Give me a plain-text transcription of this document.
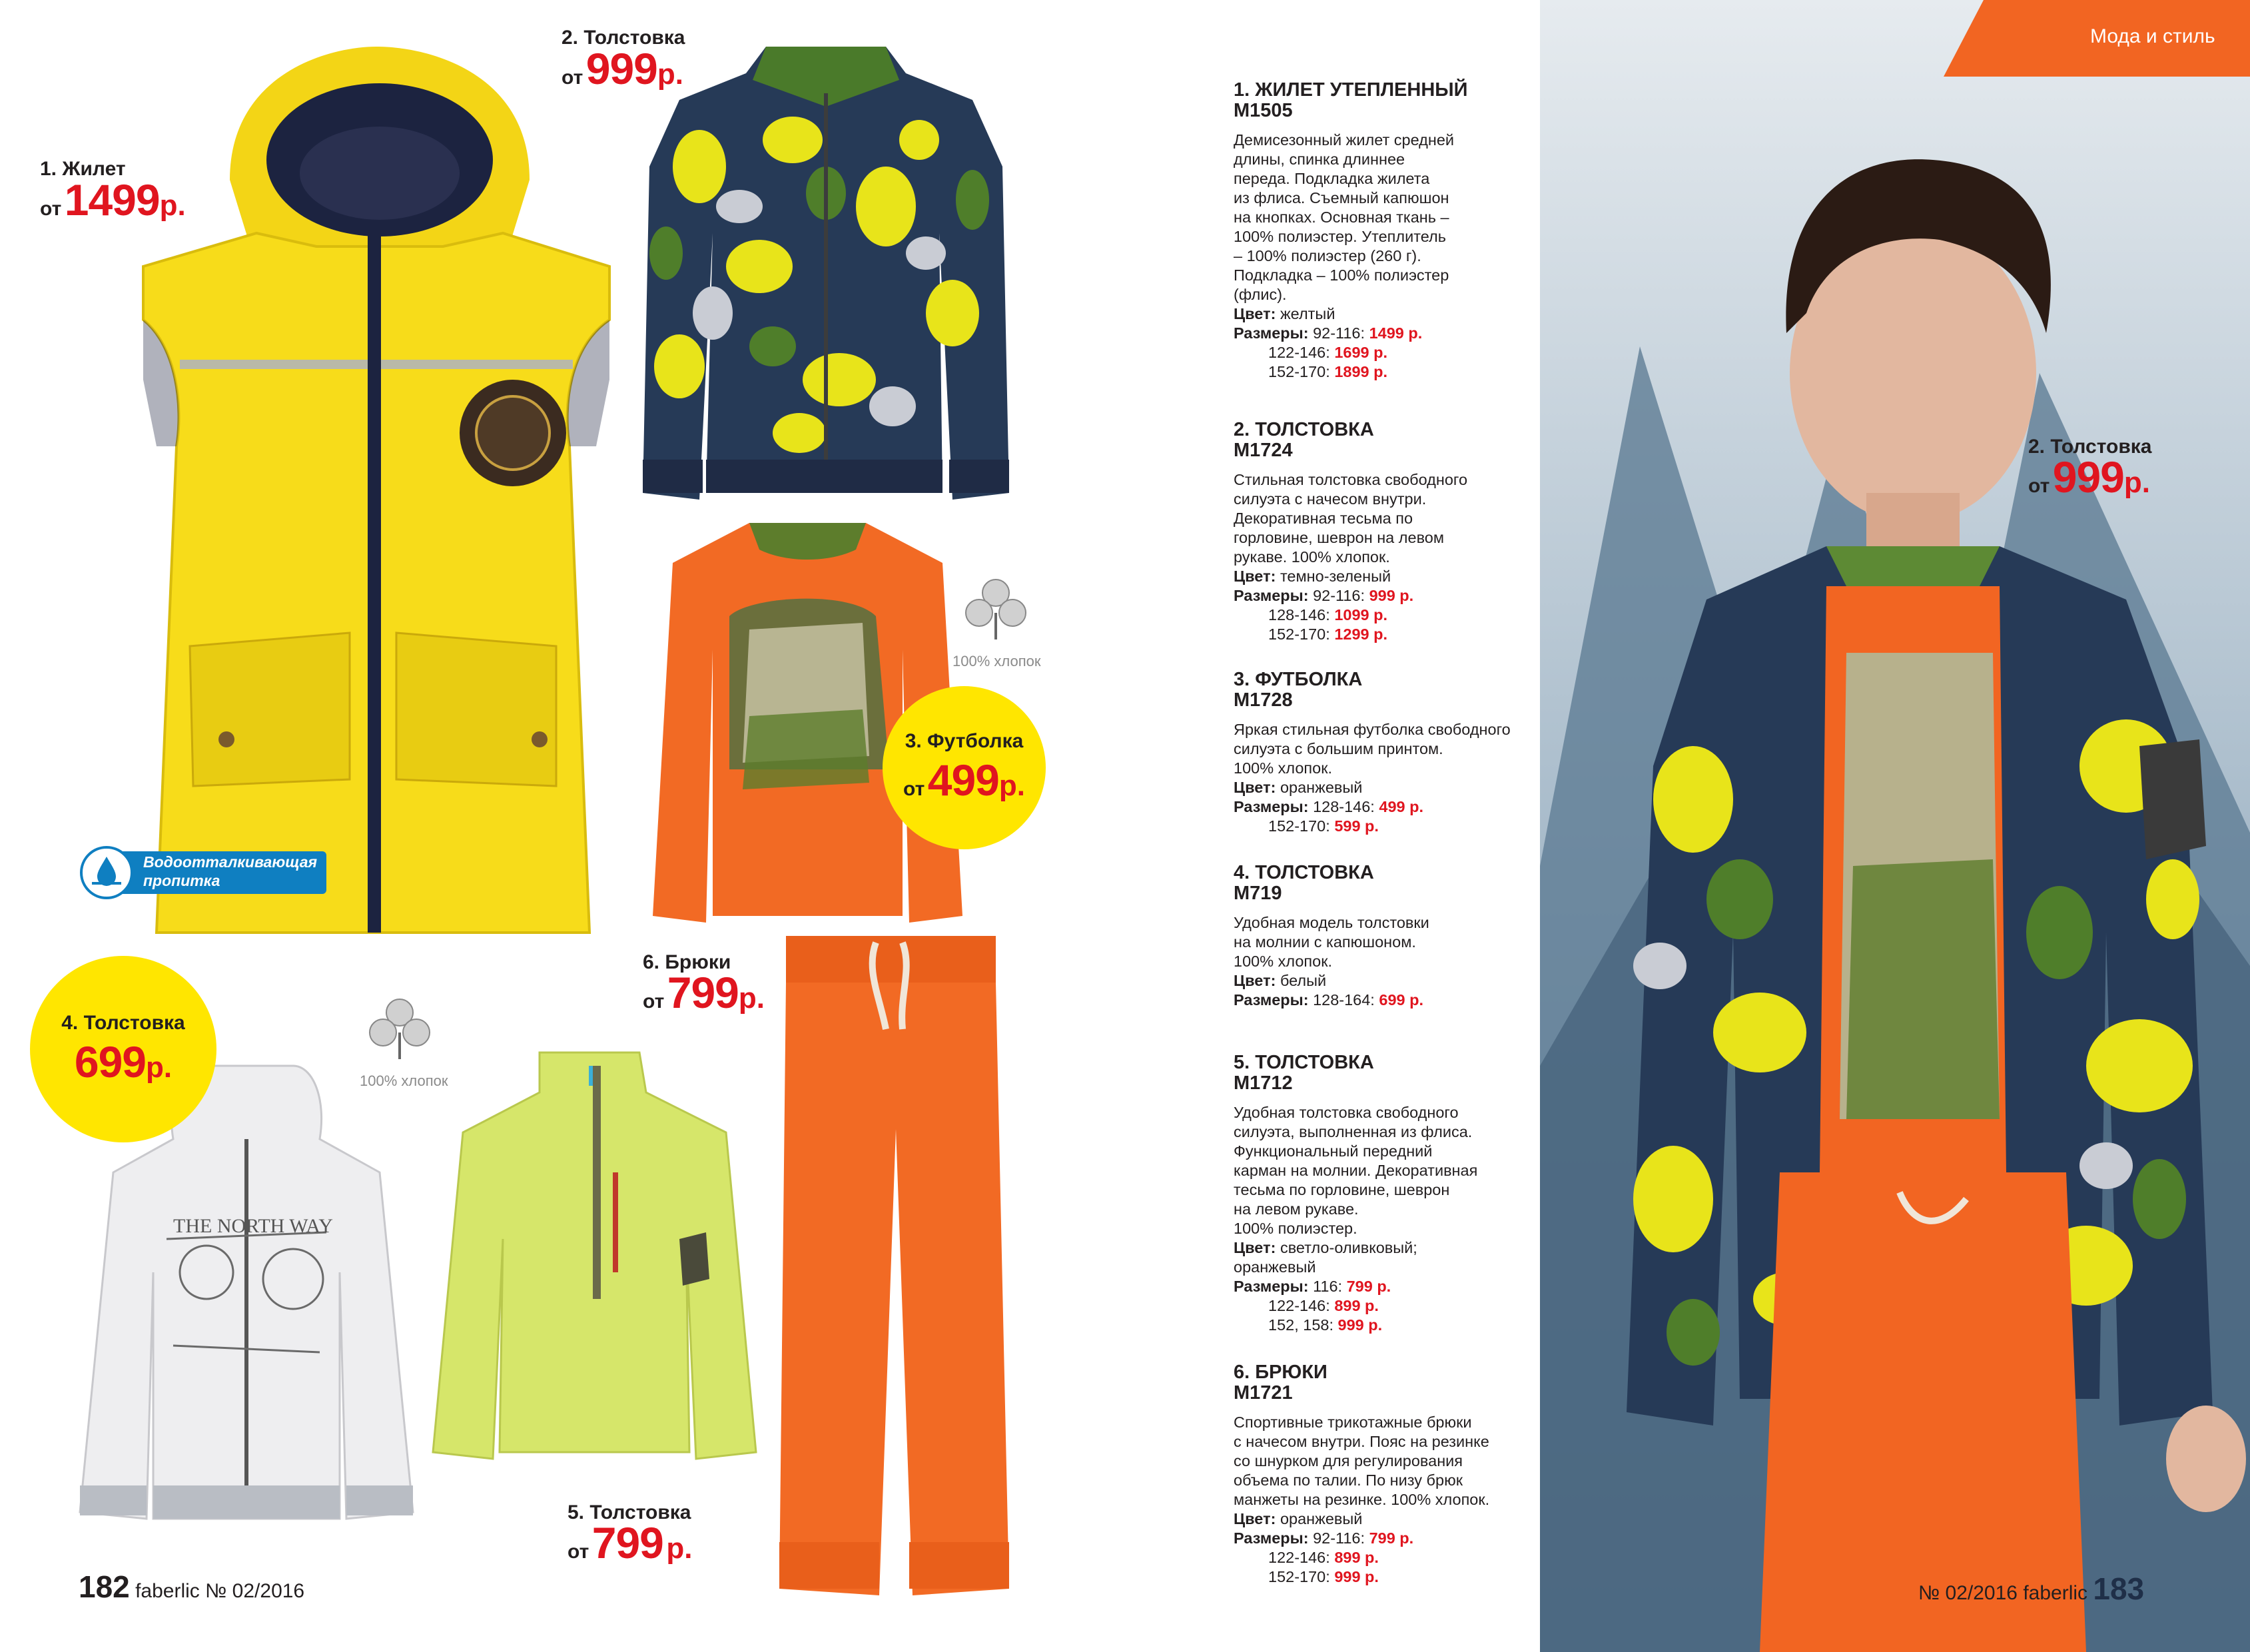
100% хлопок
100% хлопок
THE NORTH WAY
1. Жилет
от 1499р.
2. Толстовка
от 999р.
Водоотталкивающая
пропитка
3. Футболка
от 499р.
4. Толстовка
699р.
6. Брюки
от 799р.
5. Толстовка
от 799 р.
182 faberlic № 02/2016
1. ЖИЛЕТ УТЕПЛЕННЫЙ
M1505
Демисезонный жилет средней
длины, спинка длиннее
переда. Подкладка жилета
из флиса. Съемный капюшон
на кнопках. Основная ткань –
100% полиэстер. Утеплитель
– 100% полиэстер (260 г).
Подкладка – 100% полиэстер
(флис).
Цвет: желтый
Размеры: 92-116: 1499 р.
122-146: 1699 р.
152-170: 1899 р.
2. ТОЛСТОВКА
M1724
Стильная толстовка свободного
силуэта с начесом внутри.
Декоративная тесьма по
горловине, шеврон на левом
рукаве. 100% хлопок.
Цвет: темно-зеленый
Размеры: 92-116: 999 р.
128-146: 1099 р.
152-170: 1299 р.
3. ФУТБОЛКА
M1728
Яркая стильная футболка свободного
силуэта с большим принтом.
100% хлопок.
Цвет: оранжевый
Размеры: 128-146: 499 р.
152-170: 599 р.
4. ТОЛСТОВКА
M719
Удобная модель толстовки
на молнии с капюшоном.
100% хлопок.
Цвет: белый
Размеры: 128-164: 699 р.
5. ТОЛСТОВКА
M1712
Удобная толстовка свободного
силуэта, выполненная из флиса.
Функциональный передний
карман на молнии. Декоративная
тесьма по горловине, шеврон
на левом рукаве.
100% полиэстер.
Цвет: светло-оливковый;
оранжевый
Размеры: 116: 799 р.
122-146: 899 р.
152, 158: 999 р.
6. БРЮКИ
M1721
Спортивные трикотажные брюки
с начесом внутри. Пояс на резинке
со шнурком для регулирования
объема по талии. По низу брюк
манжеты на резинке. 100% хлопок.
Цвет: оранжевый
Размеры: 92-116: 799 р.
122-146: 899 р.
152-170: 999 р.
Мода и стиль
2. Толстовка
от 999р.
№ 02/2016 faberlic 183
